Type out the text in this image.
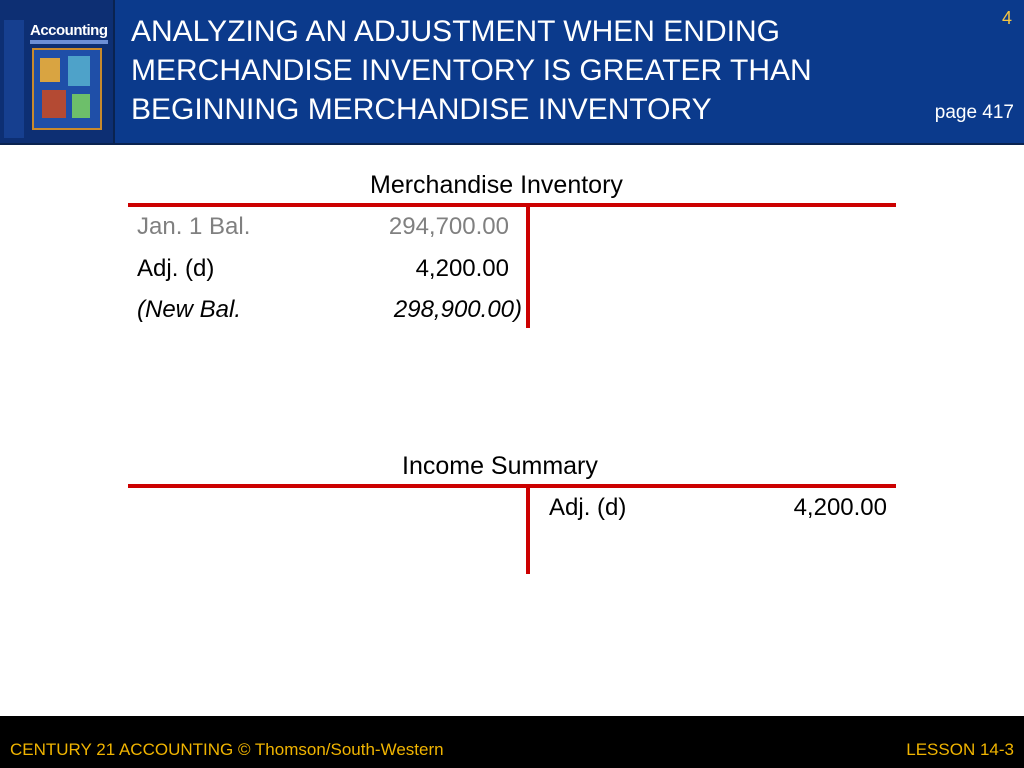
Accounting ANALYZING AN ADJUSTMENT WHEN ENDING
MERCHANDISE INVENTORY IS GREATER THAN
BEGINNING MERCHANDISE INVENTORY
4
page 417
Merchandise Inventory
Jan. 1 Bal.	294,700.00
Adj. (d)	4,200.00
(New Bal.	298,900.00)
Income Summary
Adj. (d)	4,200.00
CENTURY 21 ACCOUNTING © Thomson/South-Western	LESSON 14-3
